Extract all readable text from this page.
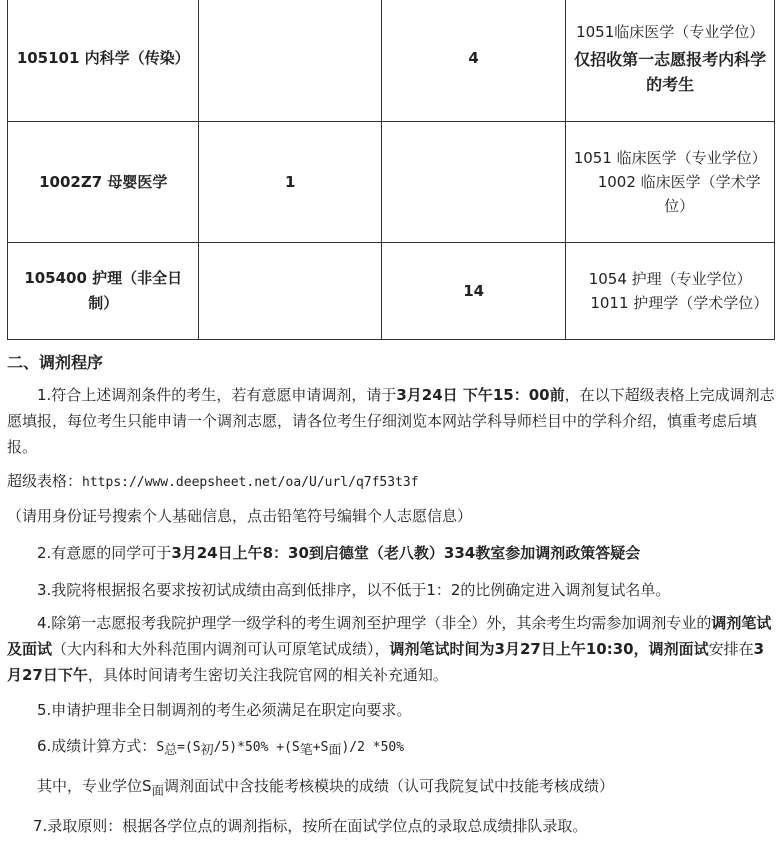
105101 内科学（传染）		4	1051临床医学（专业学位）
仅招收第一志愿报考内科学的考生

1002Z7 母婴医学	1		1051 临床医学（专业学位）
1002 临床医学（学术学位）

105400 护理（非全日制）		14	1054 护理（专业学位）
1011 护理学（学术学位）
二、调剂程序
1.符合上述调剂条件的考生，若有意愿申请调剂，请于3月24日 下午15：00前，在以下超级表格上完成调剂志愿填报，每位考生只能申请一个调剂志愿，请各位考生仔细浏览本网站学科导师栏目中的学科介绍，慎重考虑后填报。
超级表格：https://www.deepsheet.net/oa/U/url/q7f53t3f
（请用身份证号搜索个人基础信息，点击铅笔符号编辑个人志愿信息）
2.有意愿的同学可于3月24日上午8：30到启德堂（老八教）334教室参加调剂政策答疑会
3.我院将根据报名要求按初试成绩由高到低排序，以不低于1：2的比例确定进入调剂复试名单。
4.除第一志愿报考我院护理学一级学科的考生调剂至护理学（非全）外，其余考生均需参加调剂专业的调剂笔试及面试（大内科和大外科范围内调剂可认可原笔试成绩），调剂笔试时间为3月27日上午10:30，调剂面试安排在3月27日下午，具体时间请考生密切关注我院官网的相关补充通知。
5.申请护理非全日制调剂的考生必须满足在职定向要求。
6.成绩计算方式：$S_总=(S_初/5)*50\% +(S_笔+S_面)/2$ *50%
其中，专业学位$S_面$调剂面试中含技能考核模块的成绩（认可我院复试中技能考核成绩）
7.录取原则：根据各学位点的调剂指标，按所在面试学位点的录取总成绩排队录取。
